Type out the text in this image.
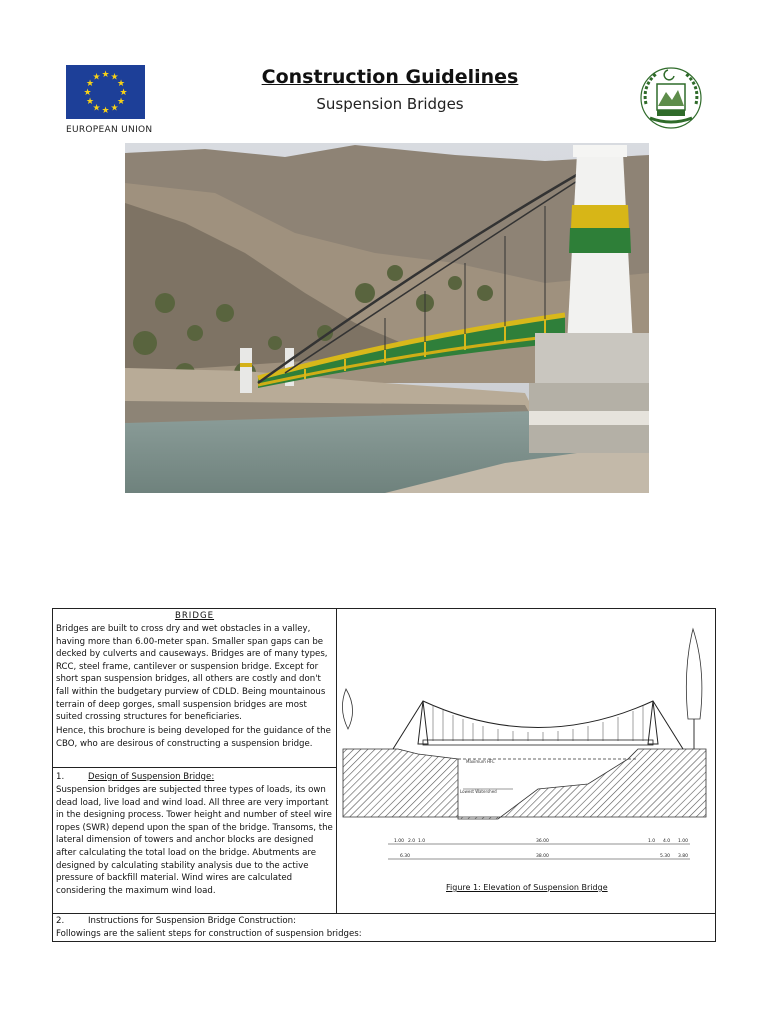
★ ★
★
★
★
★
★
★
★
★
★
★
EUROPEAN UNION
Construction Guidelines
Suspension Bridges
BRIDGE
Bridges are built to cross dry and wet obstacles in a valley, having more than 6.00-meter span. Smaller span gaps can be decked by culverts and causeways. Bridges are of many types, RCC, steel frame, cantilever or suspension bridge. Except for short span suspension bridges, all others are costly and don't fall within the budgetary purview of CDLD. Being mountainous terrain of deep gorges, small suspension bridges are most suited crossing structures for beneficiaries.
Hence, this brochure is being developed for the guidance of the CBO, who are desirous of constructing a suspension bridge.
1.	Design of Suspension Bridge:
Suspension bridges are subjected three types of loads, its own dead load, live load and wind load. All three are very important in the designing process. Tower height and number of steel wire ropes (SWR) depend upon the span of the bridge. Transoms, the lateral dimension of towers and anchor blocks are designed after calculating the total load on the bridge. Abutments are designed by calculating stability analysis due to the active pressure of backfill material. Wind wires are calculated considering the maximum wind load.
2.	Instructions for Suspension Bridge Construction:
Followings are the salient steps for construction of suspension bridges:
Maximum HFL
Lowest Watershed
1.00 2.0 1.0	36.00	1.0 4.0 1.00
6.30	38.00	5.30 3.80
Figure 1: Elevation of Suspension Bridge
